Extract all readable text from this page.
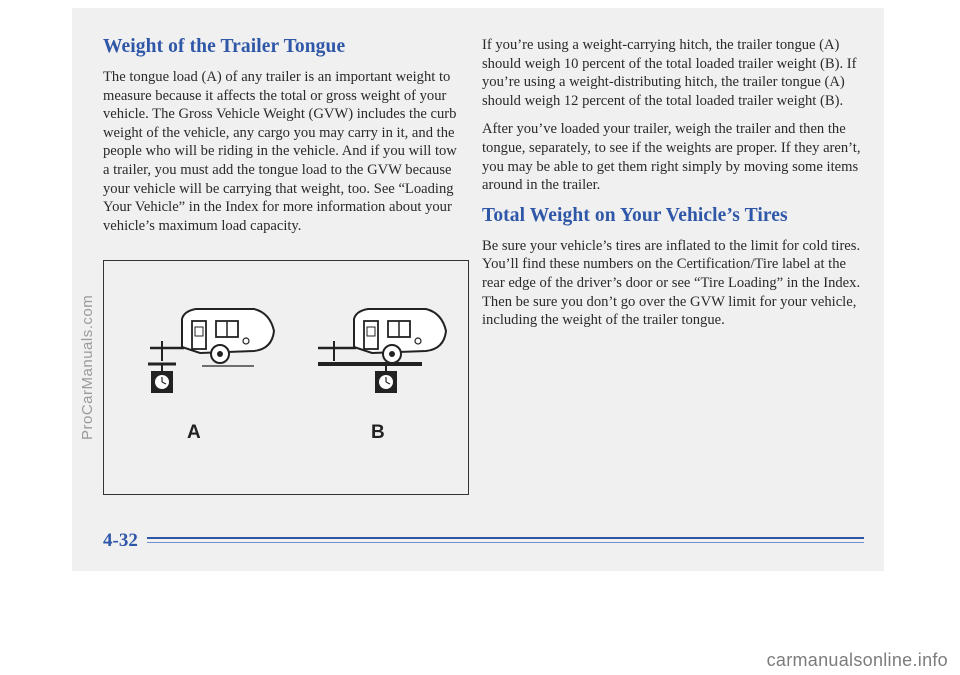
Weight of the Trailer Tongue

The tongue load (A) of any trailer is an important weight to measure because it affects the total or gross weight of your vehicle. The Gross Vehicle Weight (GVW) includes the curb weight of the vehicle, any cargo you may carry in it, and the people who will be riding in the vehicle. And if you will tow a trailer, you must add the tongue load to the GVW because your vehicle will be carrying that weight, too. See “Loading Your Vehicle” in the Index for more information about your vehicle’s maximum load capacity.

A	B

If you’re using a weight-carrying hitch, the trailer tongue (A) should weigh 10 percent of the total loaded trailer weight (B). If you’re using a weight-distributing hitch, the trailer tongue (A) should weigh 12 percent of the total loaded trailer weight (B).

After you’ve loaded your trailer, weigh the trailer and then the tongue, separately, to see if the weights are proper. If they aren’t, you may be able to get them right simply by moving some items around in the trailer.

Total Weight on Your Vehicle’s Tires

Be sure your vehicle’s tires are inflated to the limit for cold tires. You’ll find these numbers on the Certification/Tire label at the rear edge of the driver’s door or see “Tire Loading” in the Index. Then be sure you don’t go over the GVW limit for your vehicle, including the weight of the trailer tongue.

4-32
ProCarManuals.com
carmanualsonline.info
